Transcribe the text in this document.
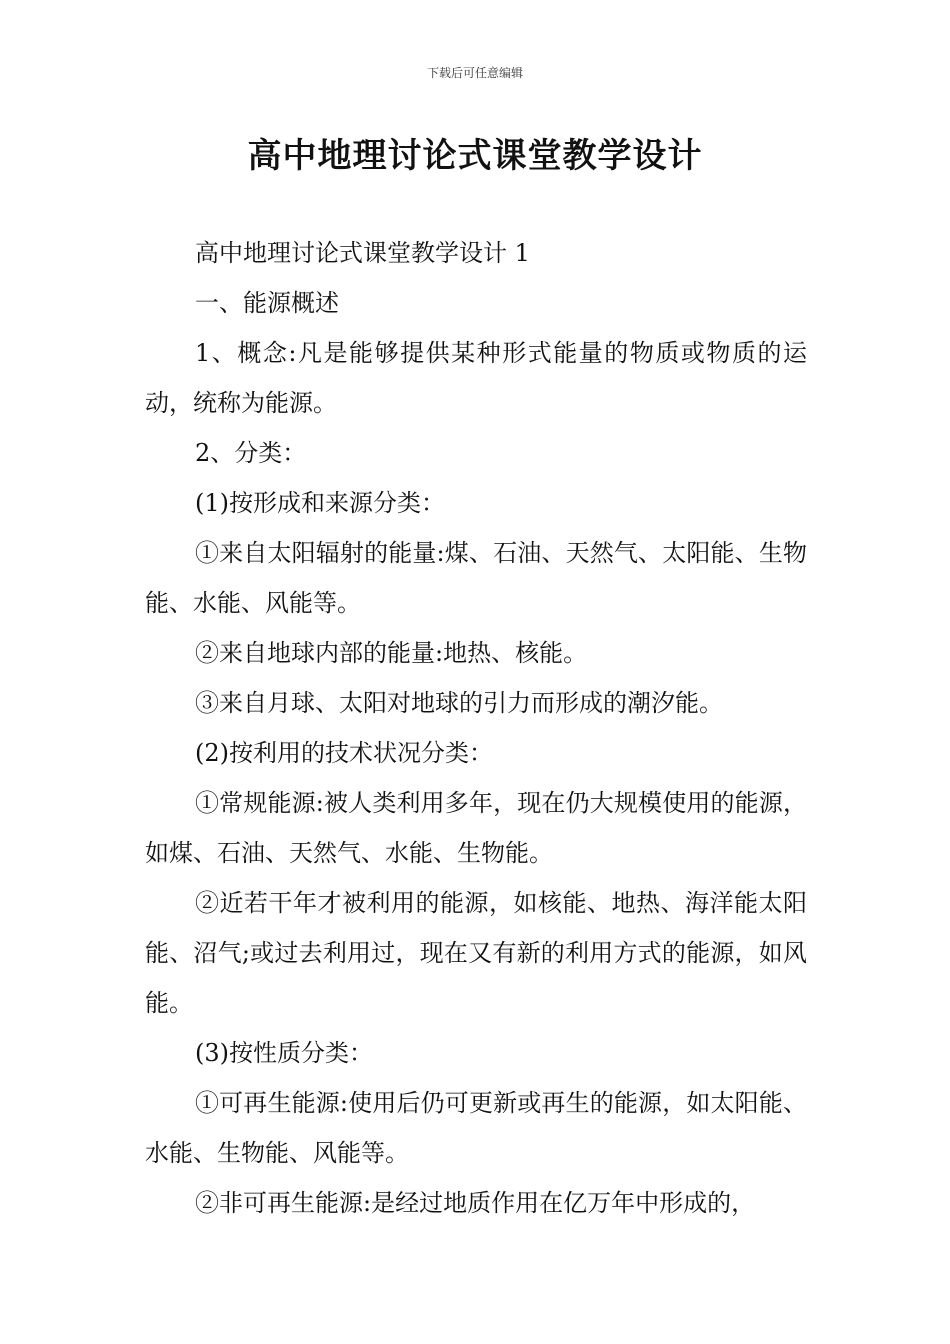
下载后可任意编辑
高中地理讨论式课堂教学设计

高中地理讨论式课堂教学设计 1

一、能源概述

1、概念:凡是能够提供某种形式能量的物质或物质的运动，统称为能源。

2、分类：

(1)按形成和来源分类：

①来自太阳辐射的能量:煤、石油、天然气、太阳能、生物能、水能、风能等。

②来自地球内部的能量:地热、核能。

③来自月球、太阳对地球的引力而形成的潮汐能。

(2)按利用的技术状况分类：

①常规能源:被人类利用多年，现在仍大规模使用的能源，如煤、石油、天然气、水能、生物能。

②近若干年才被利用的能源，如核能、地热、海洋能太阳能、沼气;或过去利用过，现在又有新的利用方式的能源，如风能。

(3)按性质分类：

①可再生能源:使用后仍可更新或再生的能源，如太阳能、水能、生物能、风能等。

②非可再生能源:是经过地质作用在亿万年中形成的，
